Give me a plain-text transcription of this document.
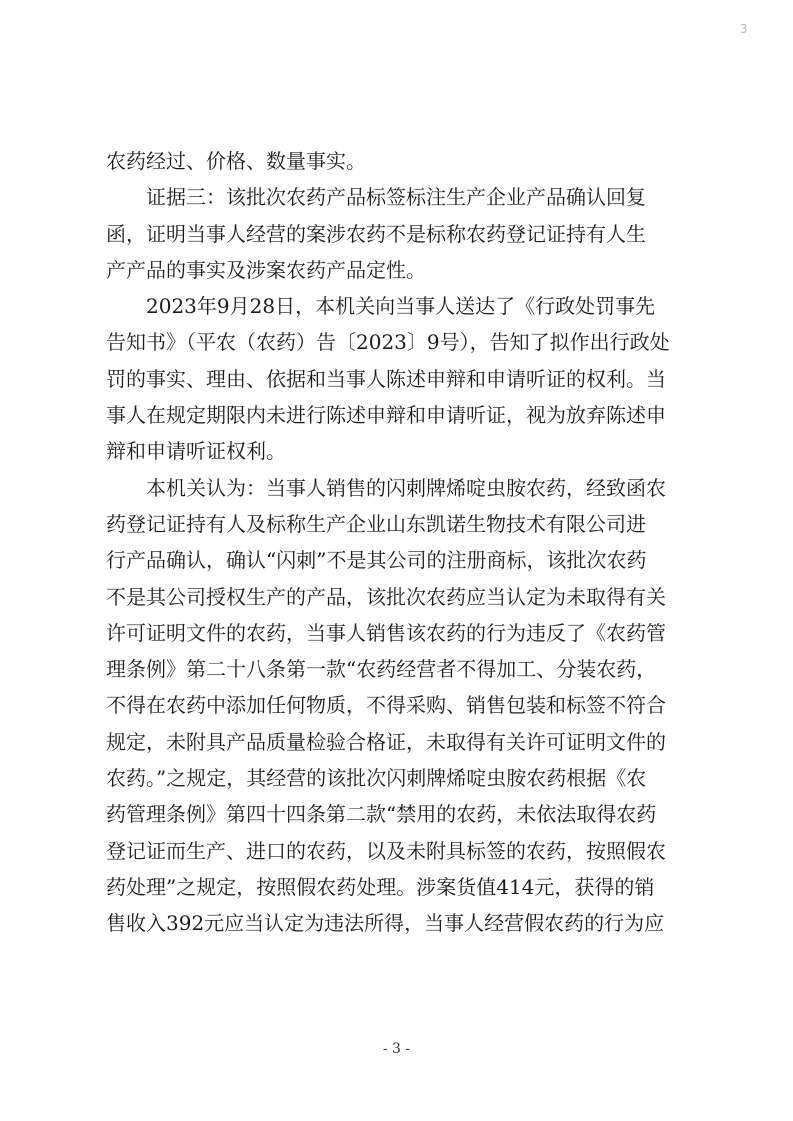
3
农药经过、价格、数量事实。
证据三：该批次农药产品标签标注生产企业产品确认回复
函，证明当事人经营的案涉农药不是标称农药登记证持有人生
产产品的事实及涉案农药产品定性。
2023年9月28日，本机关向当事人送达了《行政处罚事先
告知书》（平农（农药）告〔2023〕9号），告知了拟作出行政处
罚的事实、理由、依据和当事人陈述申辩和申请听证的权利。当
事人在规定期限内未进行陈述申辩和申请听证，视为放弃陈述申
辩和申请听证权利。
本机关认为：当事人销售的闪刺牌烯啶虫胺农药，经致函农
药登记证持有人及标称生产企业山东凯诺生物技术有限公司进
行产品确认，确认“闪刺”不是其公司的注册商标，该批次农药
不是其公司授权生产的产品，该批次农药应当认定为未取得有关
许可证明文件的农药，当事人销售该农药的行为违反了《农药管
理条例》第二十八条第一款“农药经营者不得加工、分装农药，
不得在农药中添加任何物质，不得采购、销售包装和标签不符合
规定，未附具产品质量检验合格证，未取得有关许可证明文件的
农药。”之规定，其经营的该批次闪刺牌烯啶虫胺农药根据《农
药管理条例》第四十四条第二款“禁用的农药，未依法取得农药
登记证而生产、进口的农药，以及未附具标签的农药，按照假农
药处理”之规定，按照假农药处理。涉案货值414元，获得的销
售收入392元应当认定为违法所得，当事人经营假农药的行为应
- 3 -
